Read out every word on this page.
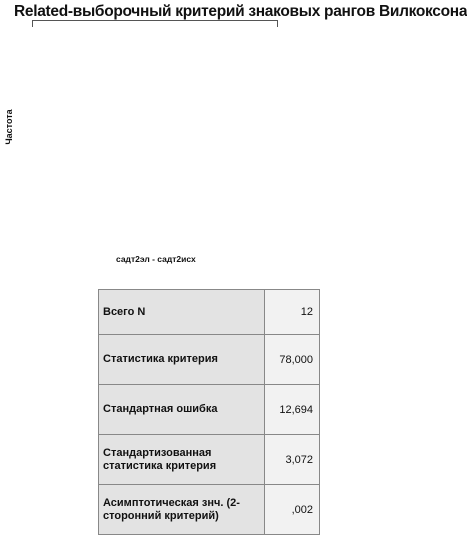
Related-выборочный критерий знаковых рангов Вилкоксона
Частота
садт2эл - садт2исх
Всего N	12
Статистика критерия	78,000
Стандартная ошибка	12,694
Стандартизованная статистика критерия	3,072
Асимптотическая знч. (2-сторонний критерий)	,002
